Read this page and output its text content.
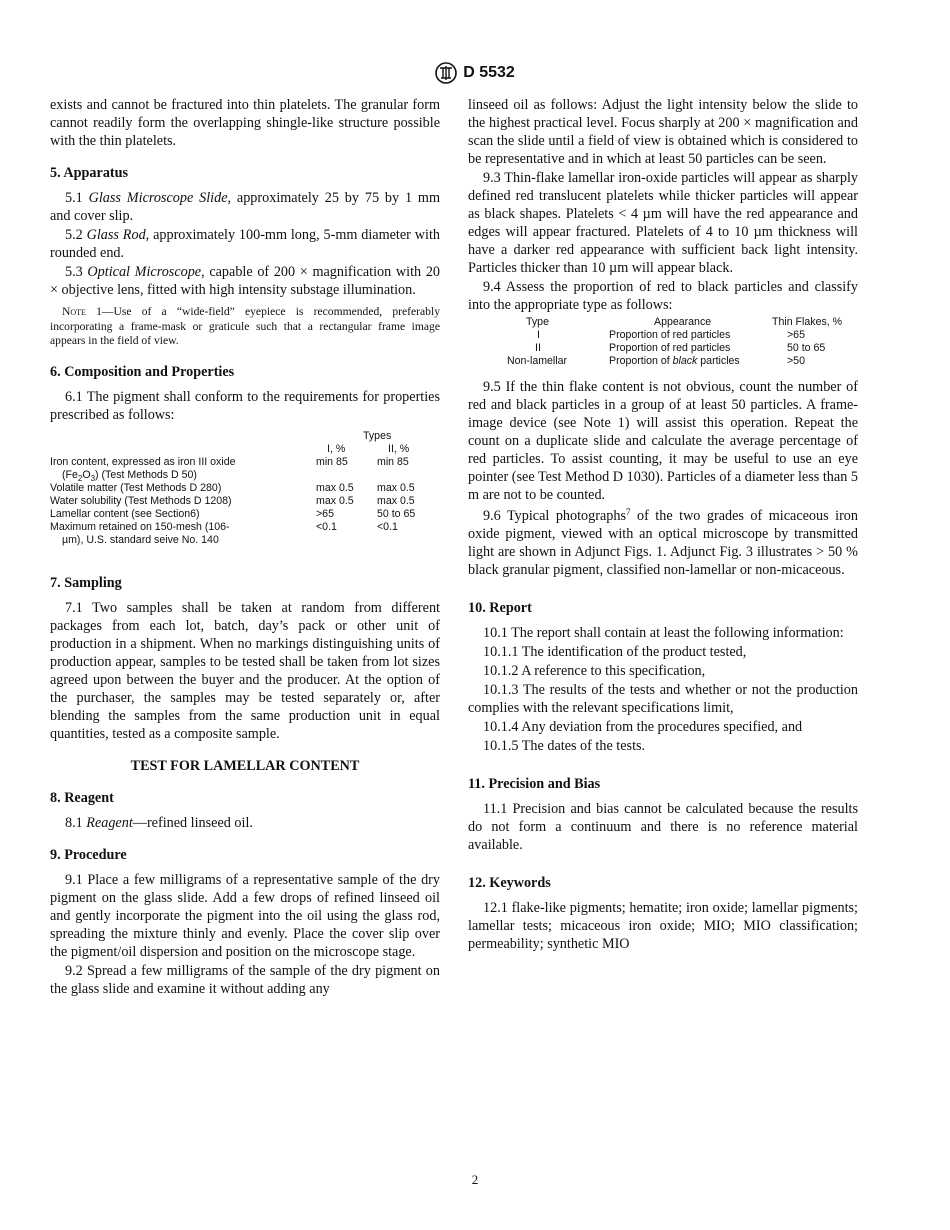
D 5532

exists and cannot be fractured into thin platelets. The granular form cannot readily form the overlapping shingle-like structure possible with the thin platelets.

5. Apparatus

5.1 Glass Microscope Slide, approximately 25 by 75 by 1 mm and cover slip.

5.2 Glass Rod, approximately 100-mm long, 5-mm diameter with rounded end.

5.3 Optical Microscope, capable of 200 × magnification with 20 × objective lens, fitted with high intensity substage illumination.

Note 1—Use of a “wide-field” eyepiece is recommended, preferably incorporating a frame-mask or graticule such that a rectangular frame image appears in the field of view.
6. Composition and Properties

6.1 The pigment shall conform to the requirements for properties prescribed as follows:

Types
I, %	II, %
Iron content, expressed as iron III oxide	min 85	min 85
$(Fe_2O_3)$ (Test Methods D 50)
Volatile matter (Test Methods D 280)	max 0.5 max 0.5
Water solubility (Test Methods D 1208)	max 0.5 max 0.5
Lamellar content (see Section6)	>65	50 to 65
Maximum retained on 150-mesh (106-	<0.1	<0.1
µm), U.S. standard seive No. 140
7. Sampling

7.1 Two samples shall be taken at random from different packages from each lot, batch, day’s pack or other unit of production in a shipment. When no markings distinguishing units of production appear, samples to be tested shall be taken from lot sizes agreed upon between the buyer and the producer. At the option of the purchaser, the samples may be tested separately or, after blending the samples from the same production unit in equal quantities, tested as a composite sample.

TEST FOR LAMELLAR CONTENT
8. Reagent

8.1 Reagent—refined linseed oil.

9. Procedure

9.1 Place a few milligrams of a representative sample of the dry pigment on the glass slide. Add a few drops of refined linseed oil and gently incorporate the pigment into the oil using the glass rod, spreading the mixture thinly and evenly. Place the cover slip over the pigment/oil dispersion and position on the microscope stage.

9.2 Spread a few milligrams of the sample of the dry pigment on the glass slide and examine it without adding any

linseed oil as follows: Adjust the light intensity below the slide to the highest practical level. Focus sharply at 200 × magnification and scan the slide until a field of view is obtained which is considered to be representative and in which at least 50 particles can be seen.

9.3 Thin-flake lamellar iron-oxide particles will appear as sharply defined red translucent platelets while thicker particles will appear as black shapes. Platelets < 4 µm will have the red appearance and edges will appear fractured. Platelets of 4 to 10 µm thickness will have a darker red appearance with sufficient back light intensity. Particles thicker than 10 µm will appear black.

9.4 Assess the proportion of red to black particles and classify into the appropriate type as follows:

Type	Appearance	Thin Flakes, %
I	Proportion of red particles	>65
II	Proportion of red particles	50 to 65
Non-lamellar	Proportion of black particles	>50

9.5 If the thin flake content is not obvious, count the number of red and black particles in a group of at least 50 particles. A frame-image device (see Note 1) will assist this operation. Repeat the count on a duplicate slide and calculate the average percentage of red particles. To assist counting, it may be useful to use an eye pointer (see Test Method D 1030). Particles of a diameter less than 5 m are not to be counted.

9.6 Typical photographs$^7$ of the two grades of micaceous iron oxide pigment, viewed with an optical microscope by transmitted light are shown in Adjunct Figs. 1. Adjunct Fig. 3 illustrates > 50 % black granular pigment, classified non-lamellar or non-micaceous.

10. Report

10.1 The report shall contain at least the following information:

10.1.1 The identification of the product tested,

10.1.2 A reference to this specification,

10.1.3 The results of the tests and whether or not the production complies with the relevant specifications limit,

10.1.4 Any deviation from the procedures specified, and

10.1.5 The dates of the tests.

11. Precision and Bias

11.1 Precision and bias cannot be calculated because the results do not form a continuum and there is no reference material available.

12. Keywords

12.1 flake-like pigments; hematite; iron oxide; lamellar pigments; lamellar tests; micaceous iron oxide; MIO; MIO classification; permeability; synthetic MIO

2
